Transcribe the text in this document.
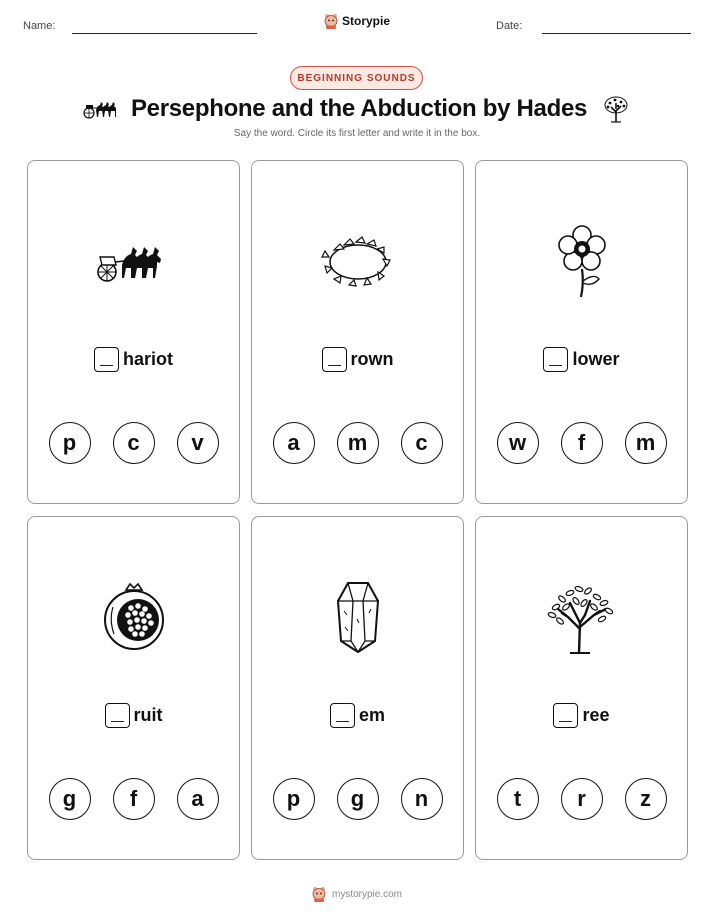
Name:	Date:
Storypie
BEGINNING SOUNDS
Persephone and the Abduction by Hades
Say the word. Circle its first letter and write it in the box.
hariot
p	c	v
rown
a	m	c
lower
w	f	m
ruit
g	f	a
em
p	g	n
ree
t	r	z
mystorypie.com
